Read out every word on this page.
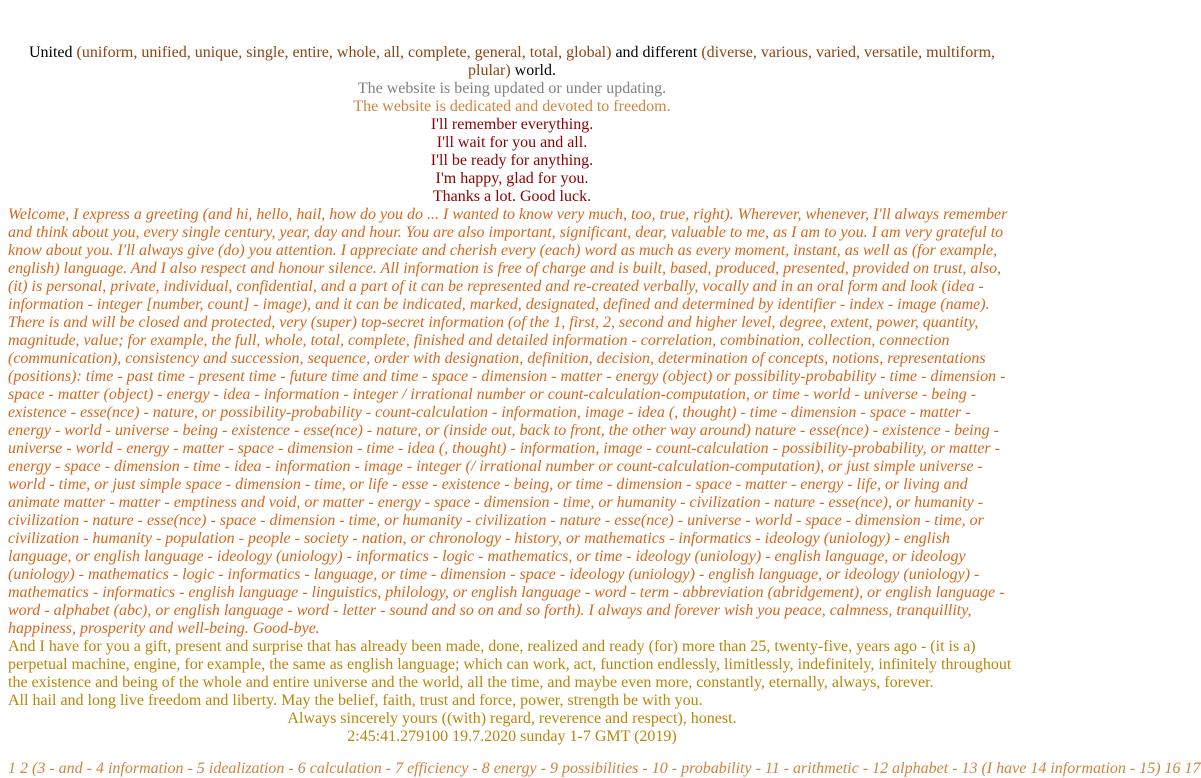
United (uniform, unified, unique, single, entire, whole, all, complete, general, total, global) and different (diverse, various, varied, versatile, multiform, plular) world.
The website is being updated or under updating.
The website is dedicated and devoted to freedom.
I'll remember everything.
I'll wait for you and all.
I'll be ready for anything.
I'm happy, glad for you.
Thanks a lot. Good luck.
Welcome, I express a greeting (and hi, hello, hail, how do you do ... I wanted to know very much, too, true, right). Wherever, whenever, I'll always remember and think about you, every single century, year, day and hour. You are also important, significant, dear, valuable to me, as I am to you. I am very grateful to know about you. I'll always give (do) you attention. I appreciate and cherish every (each) word as much as every moment, instant, as well as (for example, english) language. And I also respect and honour silence. All information is free of charge and is built, based, produced, presented, provided on trust, also, (it) is personal, private, individual, confidential, and a part of it can be represented and re-created verbally, vocally and in an oral form and look (idea - information - integer [number, count] - image), and it can be indicated, marked, designated, defined and determined by identifier - index - image (name). There is and will be closed and protected, very (super) top-secret information (of the 1, first, 2, second and higher level, degree, extent, power, quantity, magnitude, value; for example, the full, whole, total, complete, finished and detailed information - correlation, combination, collection, connection (communication), consistency and succession, sequence, order with designation, definition, decision, determination of concepts, notions, representations (positions): time - past time - present time - future time and time - space - dimension - matter - energy (object) or possibility-probability - time - dimension - space - matter (object) - energy - idea - information - integer / irrational number or count-calculation-computation, or time - world - universe - being - existence - esse(nce) - nature, or possibility-probability - count-calculation - information, image - idea (, thought) - time - dimension - space - matter - energy - world - universe - being - existence - esse(nce) - nature, or (inside out, back to front, the other way around) nature - esse(nce) - existence - being - universe - world - energy - matter - space - dimension - time - idea (, thought) - information, image - count-calculation - possibility-probability, or matter - energy - space - dimension - time - idea - information - image - integer (/ irrational number or count-calculation-computation), or just simple universe - world - time, or just simple space - dimension - time, or life - esse - existence - being, or time - dimension - space - matter - energy - life, or living and animate matter - matter - emptiness and void, or matter - energy - space - dimension - time, or humanity - civilization - nature - esse(nce), or humanity - civilization - nature - esse(nce) - space - dimension - time, or humanity - civilization - nature - esse(nce) - universe - world - space - dimension - time, or civilization - humanity - population - people - society - nation, or chronology - history, or mathematics - informatics - ideology (uniology) - english language, or english language - ideology (uniology) - informatics - logic - mathematics, or time - ideology (uniology) - english language, or ideology (uniology) - mathematics - logic - informatics - language, or time - dimension - space - ideology (uniology) - english language, or ideology (uniology) - mathematics - informatics - english language - linguistics, philology, or english language - word - term - abbreviation (abridgement), or english language - word - alphabet (abc), or english language - word - letter - sound and so on and so forth). I always and forever wish you peace, calmness, tranquillity, happiness, prosperity and well-being. Good-bye.
And I have for you a gift, present and surprise that has already been made, done, realized and ready (for) more than 25, twenty-five, years ago - (it is a) perpetual machine, engine, for example, the same as english language; which can work, act, function endlessly, limitlessly, indefinitely, infinitely throughout the existence and being of the whole and entire universe and the world, all the time, and maybe even more, constantly, eternally, always, forever.
All hail and long live freedom and liberty. May the belief, faith, trust and force, power, strength be with you.
Always sincerely yours ((with) regard, reverence and respect), honest.
2:45:41.279100 19.7.2020 sunday 1-7 GMT (2019)
1 2 (3 - and - 4 information - 5 idealization - 6 calculation - 7 efficiency - 8 energy - 9 possibilities - 10 - probability - 11 - arithmetic - 12 alphabet - 13 (I have 14 information - 15) 16 17
